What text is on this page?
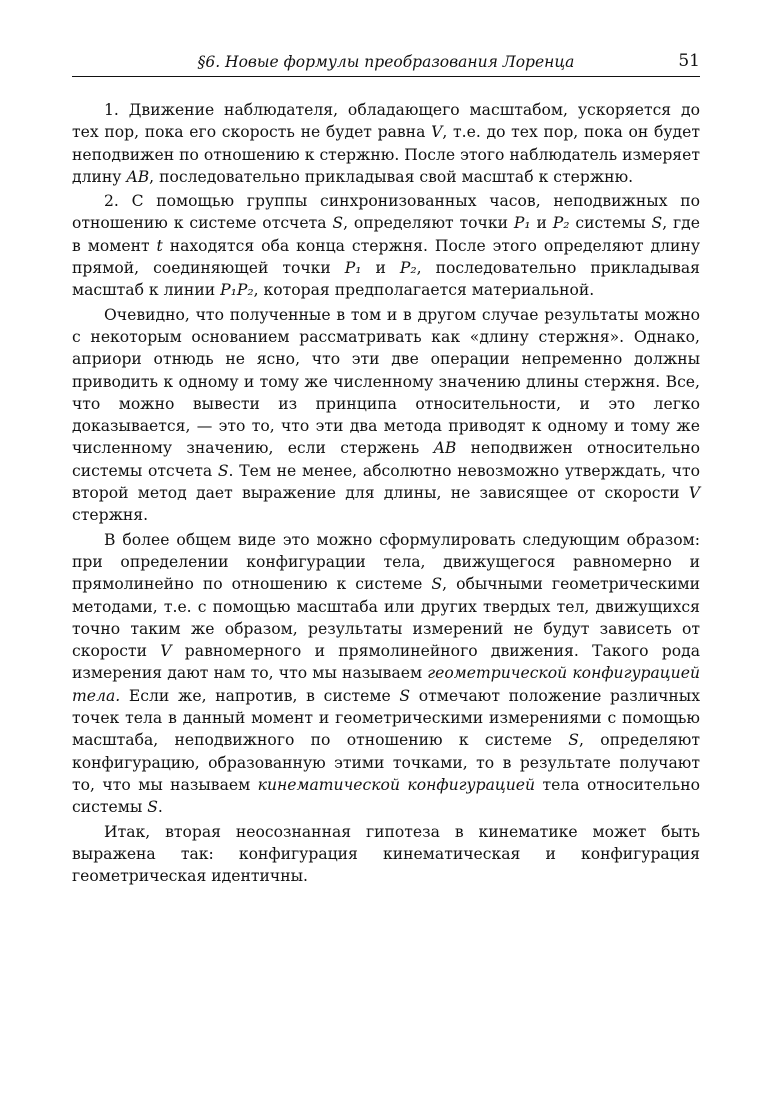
§6. Новые формулы преобразования Лоренца	51

1. Движение наблюдателя, обладающего масштабом, ускоряется до тех пор, пока его скорость не будет равна V, т.е. до тех пор, пока он будет неподвижен по отношению к стержню. После этого наблюдатель измеряет длину AB, последовательно прикладывая свой масштаб к стержню.

2. С помощью группы синхронизованных часов, неподвижных по отношению к системе отсчета S, определяют точки P₁ и P₂ системы S, где в момент t находятся оба конца стержня. После этого определяют длину прямой, соединяющей точки P₁ и P₂, последовательно прикладывая масштаб к линии P₁P₂, которая предполагается материальной.

Очевидно, что полученные в том и в другом случае результаты можно с некоторым основанием рассматривать как «длину стержня». Однако, априори отнюдь не ясно, что эти две операции непременно должны приводить к одному и тому же численному значению длины стержня. Все, что можно вывести из принципа относительности, и это легко доказывается, — это то, что эти два метода приводят к одному и тому же численному значению, если стержень AB неподвижен относительно системы отсчета S. Тем не менее, абсолютно невозможно утверждать, что второй метод дает выражение для длины, не зависящее от скорости V стержня.

В более общем виде это можно сформулировать следующим образом: при определении конфигурации тела, движущегося равномерно и прямолинейно по отношению к системе S, обычными геометрическими методами, т.е. с помощью масштаба или других твердых тел, движущихся точно таким же образом, результаты измерений не будут зависеть от скорости V равномерного и прямолинейного движения. Такого рода измерения дают нам то, что мы называем геометрической конфигурацией тела. Если же, напротив, в системе S отмечают положение различных точек тела в данный момент и геометрическими измерениями с помощью масштаба, неподвижного по отношению к системе S, определяют конфигурацию, образованную этими точками, то в результате получают то, что мы называем кинематической конфигурацией тела относительно системы S.

Итак, вторая неосознанная гипотеза в кинематике может быть выражена так: конфигурация кинематическая и конфигурация геометрическая идентичны.
